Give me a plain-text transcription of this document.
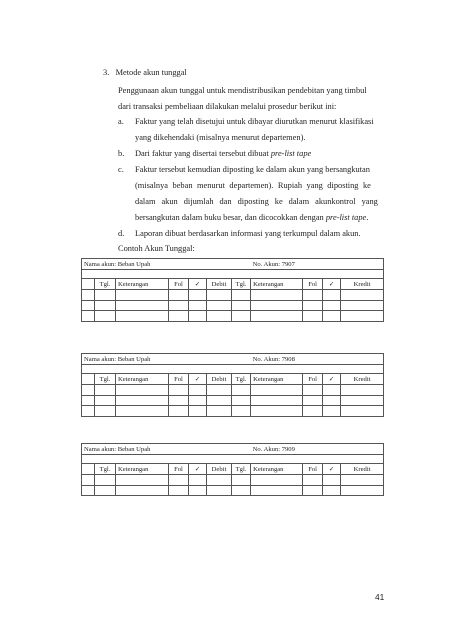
3. Metode akun tunggal
Penggunaan akun tunggal untuk mendistribusikan pendebitan yang timbul
dari transaksi pembeliaan dilakukan melalui prosedur berikut ini:
a. Faktur yang telah disetujui untuk dibayar diurutkan menurut klasifikasi
yang dikehendaki (misalnya menurut departemen).
b. Dari faktur yang disertai tersebut dibuat pre-list tape
c. Faktur tersebut kemudian diposting ke dalam akun yang bersangkutan
(misalnya beban menurut departemen). Rupiah yang diposting ke
dalam akun dijumlah dan diposting ke dalam akunkontrol yang
bersangkutan dalam buku besar, dan dicocokkan dengan pre-list tape.
d. Laporan dibuat berdasarkan informasi yang terkumpul dalam akun.
Contoh Akun Tunggal:
Nama akun: Beban Upah							No. Akun: 7907			

	Tgl.	Keterangan	Fol	✓	Debit	Tgl.	Keterangan	Fol	✓	Kredit

Nama akun: Beban Upah							No. Akun: 7908			

	Tgl.	Keterangan	Fol	✓	Debit	Tgl.	Keterangan	Fol	✓	Kredit

Nama akun: Beban Upah							No. Akun: 7909			

	Tgl.	Keterangan	Fol	✓	Debit	Tgl.	Keterangan	Fol	✓	Kredit

41
